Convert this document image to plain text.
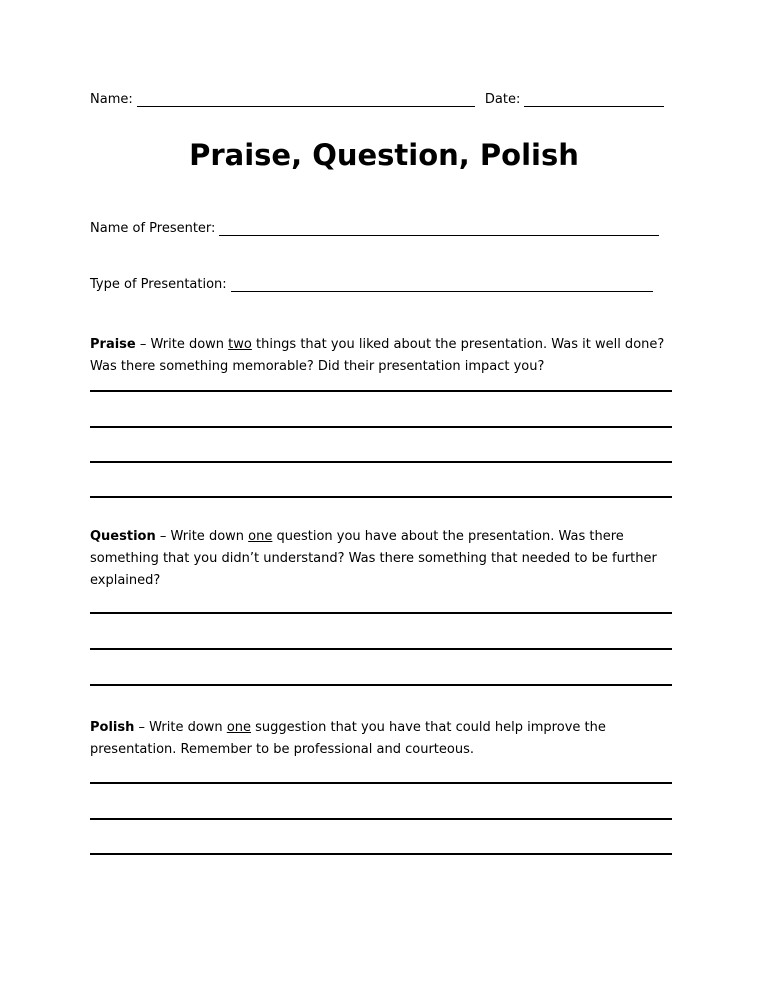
Name:	Date:
Praise, Question, Polish
Name of Presenter:
Type of Presentation:
Praise – Write down two things that you liked about the presentation. Was it well done? Was there something memorable? Did their presentation impact you?
Question – Write down one question you have about the presentation. Was there something that you didn’t understand? Was there something that needed to be further explained?
Polish – Write down one suggestion that you have that could help improve the presentation. Remember to be professional and courteous.
